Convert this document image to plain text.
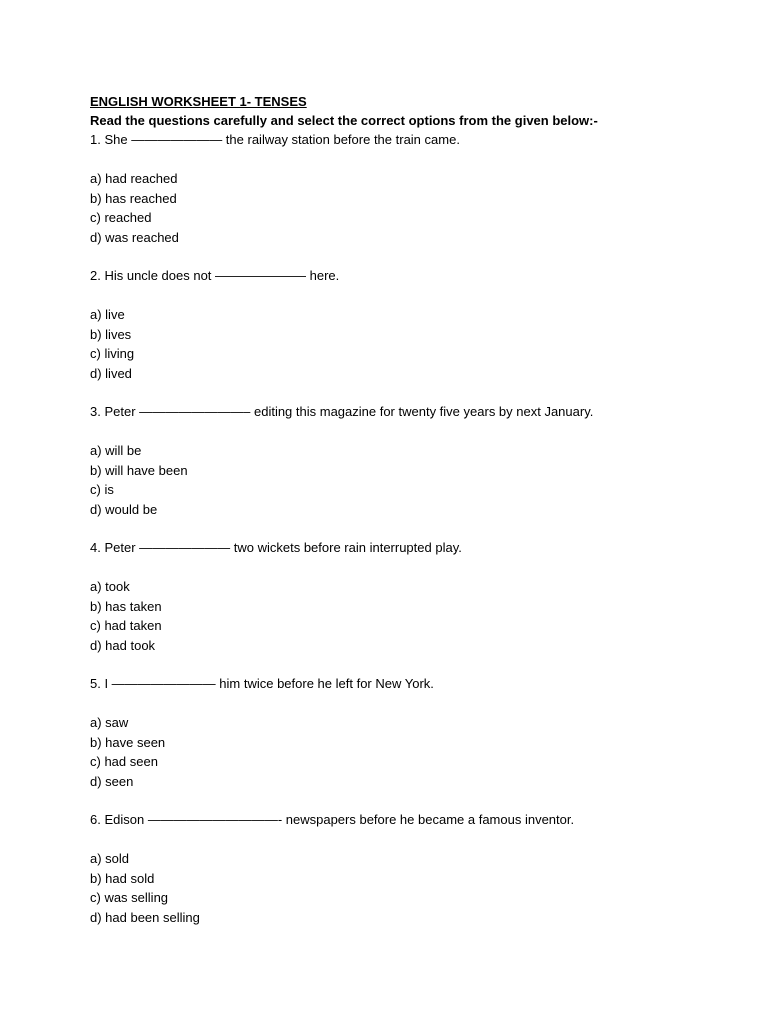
ENGLISH WORKSHEET 1- TENSES
Read the questions carefully and select the correct options from the given below:-
1. She ——————— the railway station before the train came.
a) had reached
b) has reached
c) reached
d) was reached
2. His uncle does not ——————— here.
a) live
b) lives
c) living
d) lived
3. Peter ————————– editing this magazine for twenty five years by next January.
a) will be
b) will have been
c) is
d) would be
4. Peter ——————— two wickets before rain interrupted play.
a) took
b) has taken
c) had taken
d) had took
5. I ———————— him twice before he left for New York.
a) saw
b) have seen
c) had seen
d) seen
6. Edison ——————————- newspapers before he became a famous inventor.
a) sold
b) had sold
c) was selling
d) had been selling
